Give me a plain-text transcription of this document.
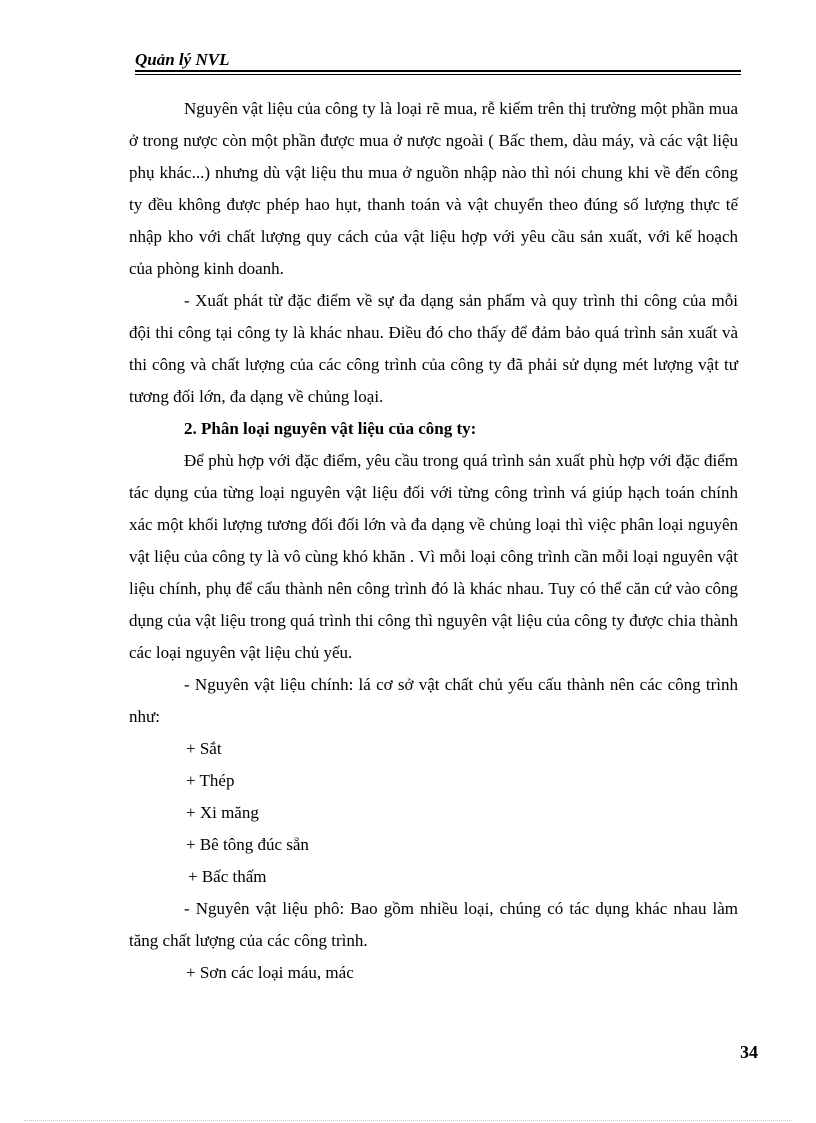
Quản lý NVL

Nguyên vật liệu của công ty là loại rẽ mua, rễ kiếm trên thị trường một phần mua ở trong nược còn một phần được mua ở nược ngoài ( Bấc them, dàu máy, và các vật liệu phụ khác...) nhưng dù vật liệu thu mua ở nguồn nhập nào thì nói chung khi về đến công ty đều không được phép hao hụt, thanh toán và vật chuyển theo đúng số lượng thực tế nhập kho với chất lượng quy cách của vật liệu hợp với yêu cầu sản xuất, với kế hoạch của phòng kinh doanh.

- Xuất phát từ đặc điểm về sự đa dạng sản phẩm và quy trình thi công của mỗi đội thi công tại công ty là khác nhau. Điều đó cho thấy để đảm bảo quá trình sản xuất và thi công và chất lượng của các công trình của công ty đã phải sử dụng mét lượng vật tư tương đối lớn, đa dạng về chủng loại.

2. Phân loại nguyên vật liệu của công ty:

Để phù hợp với đặc điểm, yêu cầu trong quá trình sản xuất phù hợp với đặc điểm tác dụng của từng loại nguyên vật liệu đối với từng công trình vá giúp hạch toán chính xác một khối lượng tương đối đối lớn và đa dạng về chủng loại thì việc phân loại nguyên vật liệu của công ty là vô cùng khó khăn . Vì mỗi loại công trình cần mỗi loại nguyên vật liệu chính, phụ để cấu thành nên công trình đó là khác nhau. Tuy có thể căn cứ vào công dụng của vật liệu trong quá trình thi công thì nguyên vật liệu của công ty được chia thành các loại nguyên vật liệu chủ yếu.

- Nguyên vật liệu chính: lá cơ sở vật chất chủ yếu cấu thành nên các công trình như:

+ Sắt

+ Thép

+ Xi măng

+ Bê tông đúc sẵn

+ Bấc thấm

- Nguyên vật liệu phô: Bao gồm nhiều loại, chúng có tác dụng khác nhau làm tăng chất lượng của các công trình.

+ Sơn các loại máu, mác

34
